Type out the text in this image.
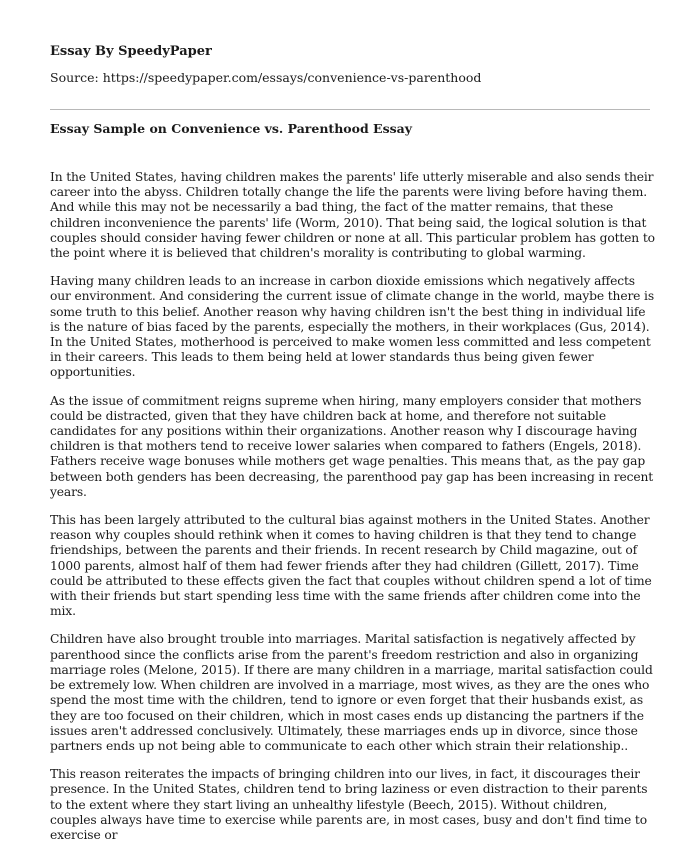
Essay By SpeedyPaper

Source: https://speedypaper.com/essays/convenience-vs-parenthood

Essay Sample on Convenience vs. Parenthood Essay

In the United States, having children makes the parents' life utterly miserable and also sends their career into the abyss. Children totally change the life the parents were living before having them. And while this may not be necessarily a bad thing, the fact of the matter remains, that these children inconvenience the parents' life (Worm, 2010). That being said, the logical solution is that couples should consider having fewer children or none at all. This particular problem has gotten to the point where it is believed that children's morality is contributing to global warming.

Having many children leads to an increase in carbon dioxide emissions which negatively affects our environment. And considering the current issue of climate change in the world, maybe there is some truth to this belief. Another reason why having children isn't the best thing in individual life is the nature of bias faced by the parents, especially the mothers, in their workplaces (Gus, 2014). In the United States, motherhood is perceived to make women less committed and less competent in their careers. This leads to them being held at lower standards thus being given fewer opportunities.

As the issue of commitment reigns supreme when hiring, many employers consider that mothers could be distracted, given that they have children back at home, and therefore not suitable candidates for any positions within their organizations. Another reason why I discourage having children is that mothers tend to receive lower salaries when compared to fathers (Engels, 2018). Fathers receive wage bonuses while mothers get wage penalties. This means that, as the pay gap between both genders has been decreasing, the parenthood pay gap has been increasing in recent years.

This has been largely attributed to the cultural bias against mothers in the United States. Another reason why couples should rethink when it comes to having children is that they tend to change friendships, between the parents and their friends. In recent research by Child magazine, out of 1000 parents, almost half of them had fewer friends after they had children (Gillett, 2017). Time could be attributed to these effects given the fact that couples without children spend a lot of time with their friends but start spending less time with the same friends after children come into the mix.

Children have also brought trouble into marriages. Marital satisfaction is negatively affected by parenthood since the conflicts arise from the parent's freedom restriction and also in organizing marriage roles (Melone, 2015). If there are many children in a marriage, marital satisfaction could be extremely low. When children are involved in a marriage, most wives, as they are the ones who spend the most time with the children, tend to ignore or even forget that their husbands exist, as they are too focused on their children, which in most cases ends up distancing the partners if the issues aren't addressed conclusively. Ultimately, these marriages ends up in divorce, since those partners ends up not being able to communicate to each other which strain their relationship..

This reason reiterates the impacts of bringing children into our lives, in fact, it discourages their presence. In the United States, children tend to bring laziness or even distraction to their parents to the extent where they start living an unhealthy lifestyle (Beech, 2015). Without children, couples always have time to exercise while parents are, in most cases, busy and don't find time to exercise or
